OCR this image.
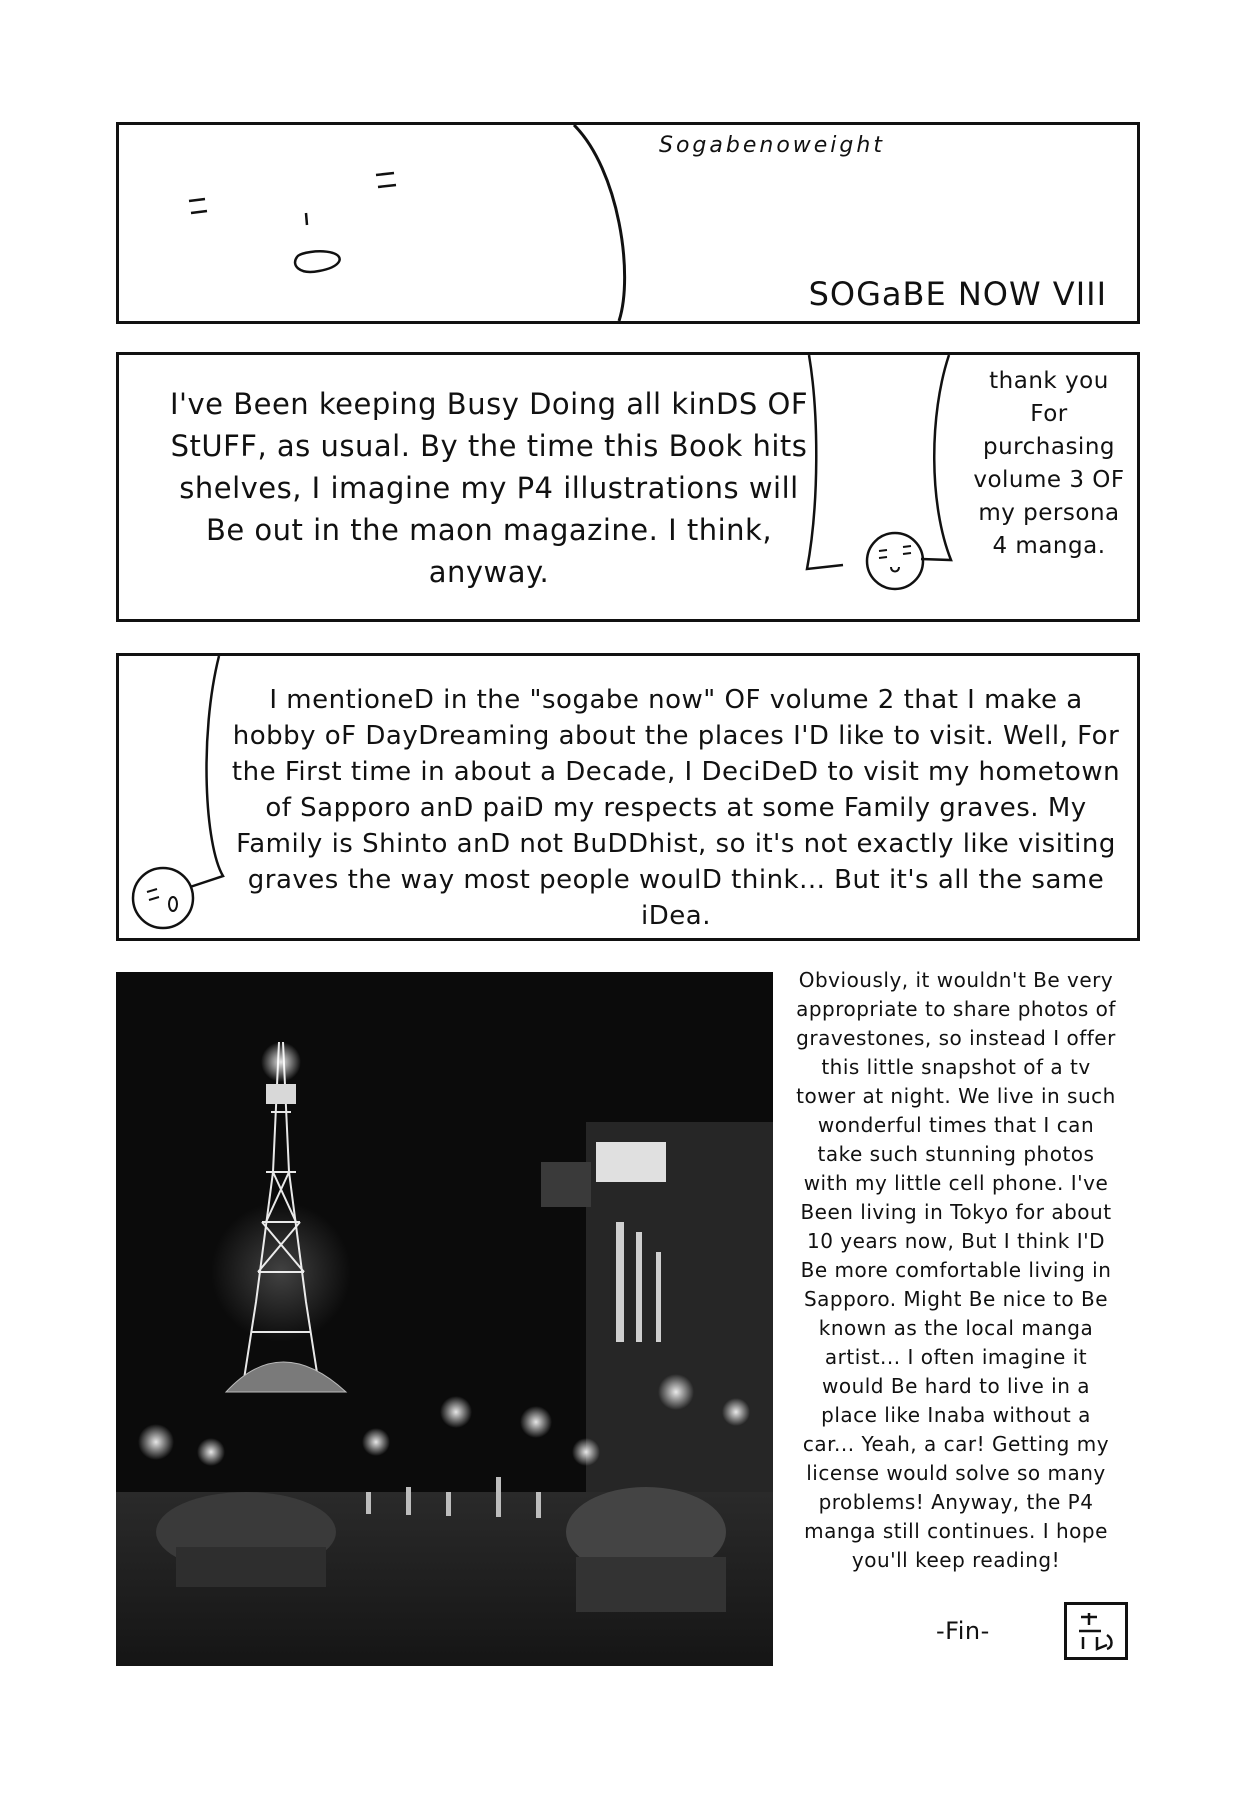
Sogabenoweight
SOGaBE NOW VIII
I've Been keeping Busy Doing all kinDS OF StUFF, as usual. By the time this Book hits shelves, I imagine my P4 illustrations will Be out in the maon magazine. I think, anyway.
thank you For purchasing volume 3 OF my persona 4 manga.
I mentioneD in the "sogabe now" OF volume 2 that I make a hobby oF DayDreaming about the places I'D like to visit. Well, For the First time in about a Decade, I DeciDeD to visit my hometown of Sapporo anD paiD my respects at some Family graves. My Family is Shinto anD not BuDDhist, so it's not exactly like visiting graves the way most people woulD think... But it's all the same iDea.
Obviously, it wouldn't Be very appropriate to share photos of gravestones, so instead I offer this little snapshot of a tv tower at night. We live in such wonderful times that I can take such stunning photos with my little cell phone. I've Been living in Tokyo for about 10 years now, But I think I'D Be more comfortable living in Sapporo. Might Be nice to Be known as the local manga artist... I often imagine it would Be hard to live in a place like Inaba without a car... Yeah, a car! Getting my license would solve so many problems! Anyway, the P4 manga still continues. I hope you'll keep reading!
-Fin-
